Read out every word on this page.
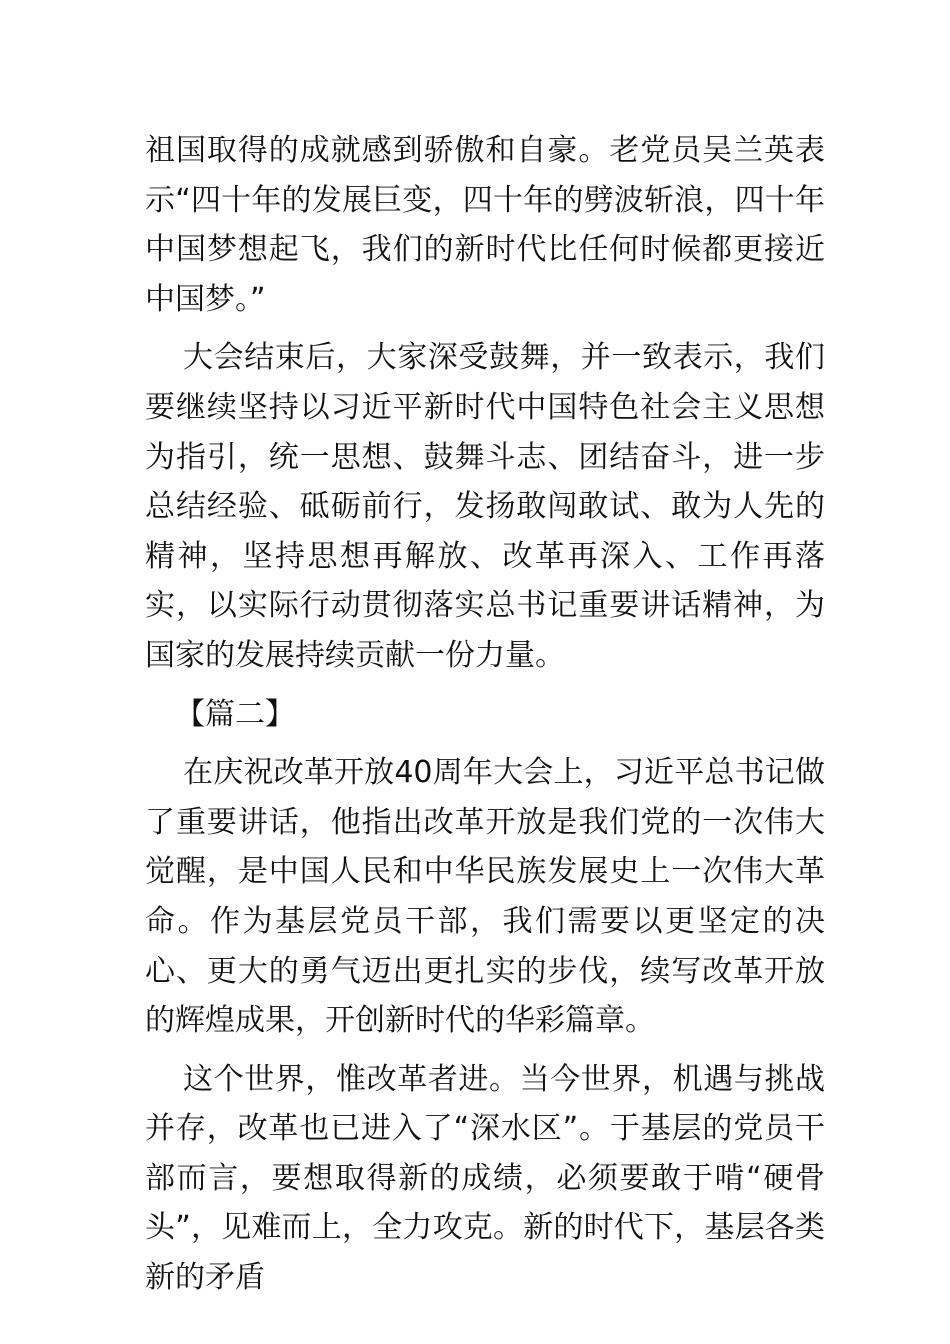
祖国取得的成就感到骄傲和自豪。老党员吴兰英表示“四十年的发展巨变，四十年的劈波斩浪，四十年中国梦想起飞，我们的新时代比任何时候都更接近中国梦。”

大会结束后，大家深受鼓舞，并一致表示，我们要继续坚持以习近平新时代中国特色社会主义思想为指引，统一思想、鼓舞斗志、团结奋斗，进一步总结经验、砥砺前行，发扬敢闯敢试、敢为人先的精神，坚持思想再解放、改革再深入、工作再落实，以实际行动贯彻落实总书记重要讲话精神，为国家的发展持续贡献一份力量。

【篇二】

在庆祝改革开放40周年大会上，习近平总书记做了重要讲话，他指出改革开放是我们党的一次伟大觉醒，是中国人民和中华民族发展史上一次伟大革命。作为基层党员干部，我们需要以更坚定的决心、更大的勇气迈出更扎实的步伐，续写改革开放的辉煌成果，开创新时代的华彩篇章。

这个世界，惟改革者进。当今世界，机遇与挑战并存，改革也已进入了“深水区”。于基层的党员干部而言，要想取得新的成绩，必须要敢于啃“硬骨头”，见难而上，全力攻克。新的时代下，基层各类新的矛盾
